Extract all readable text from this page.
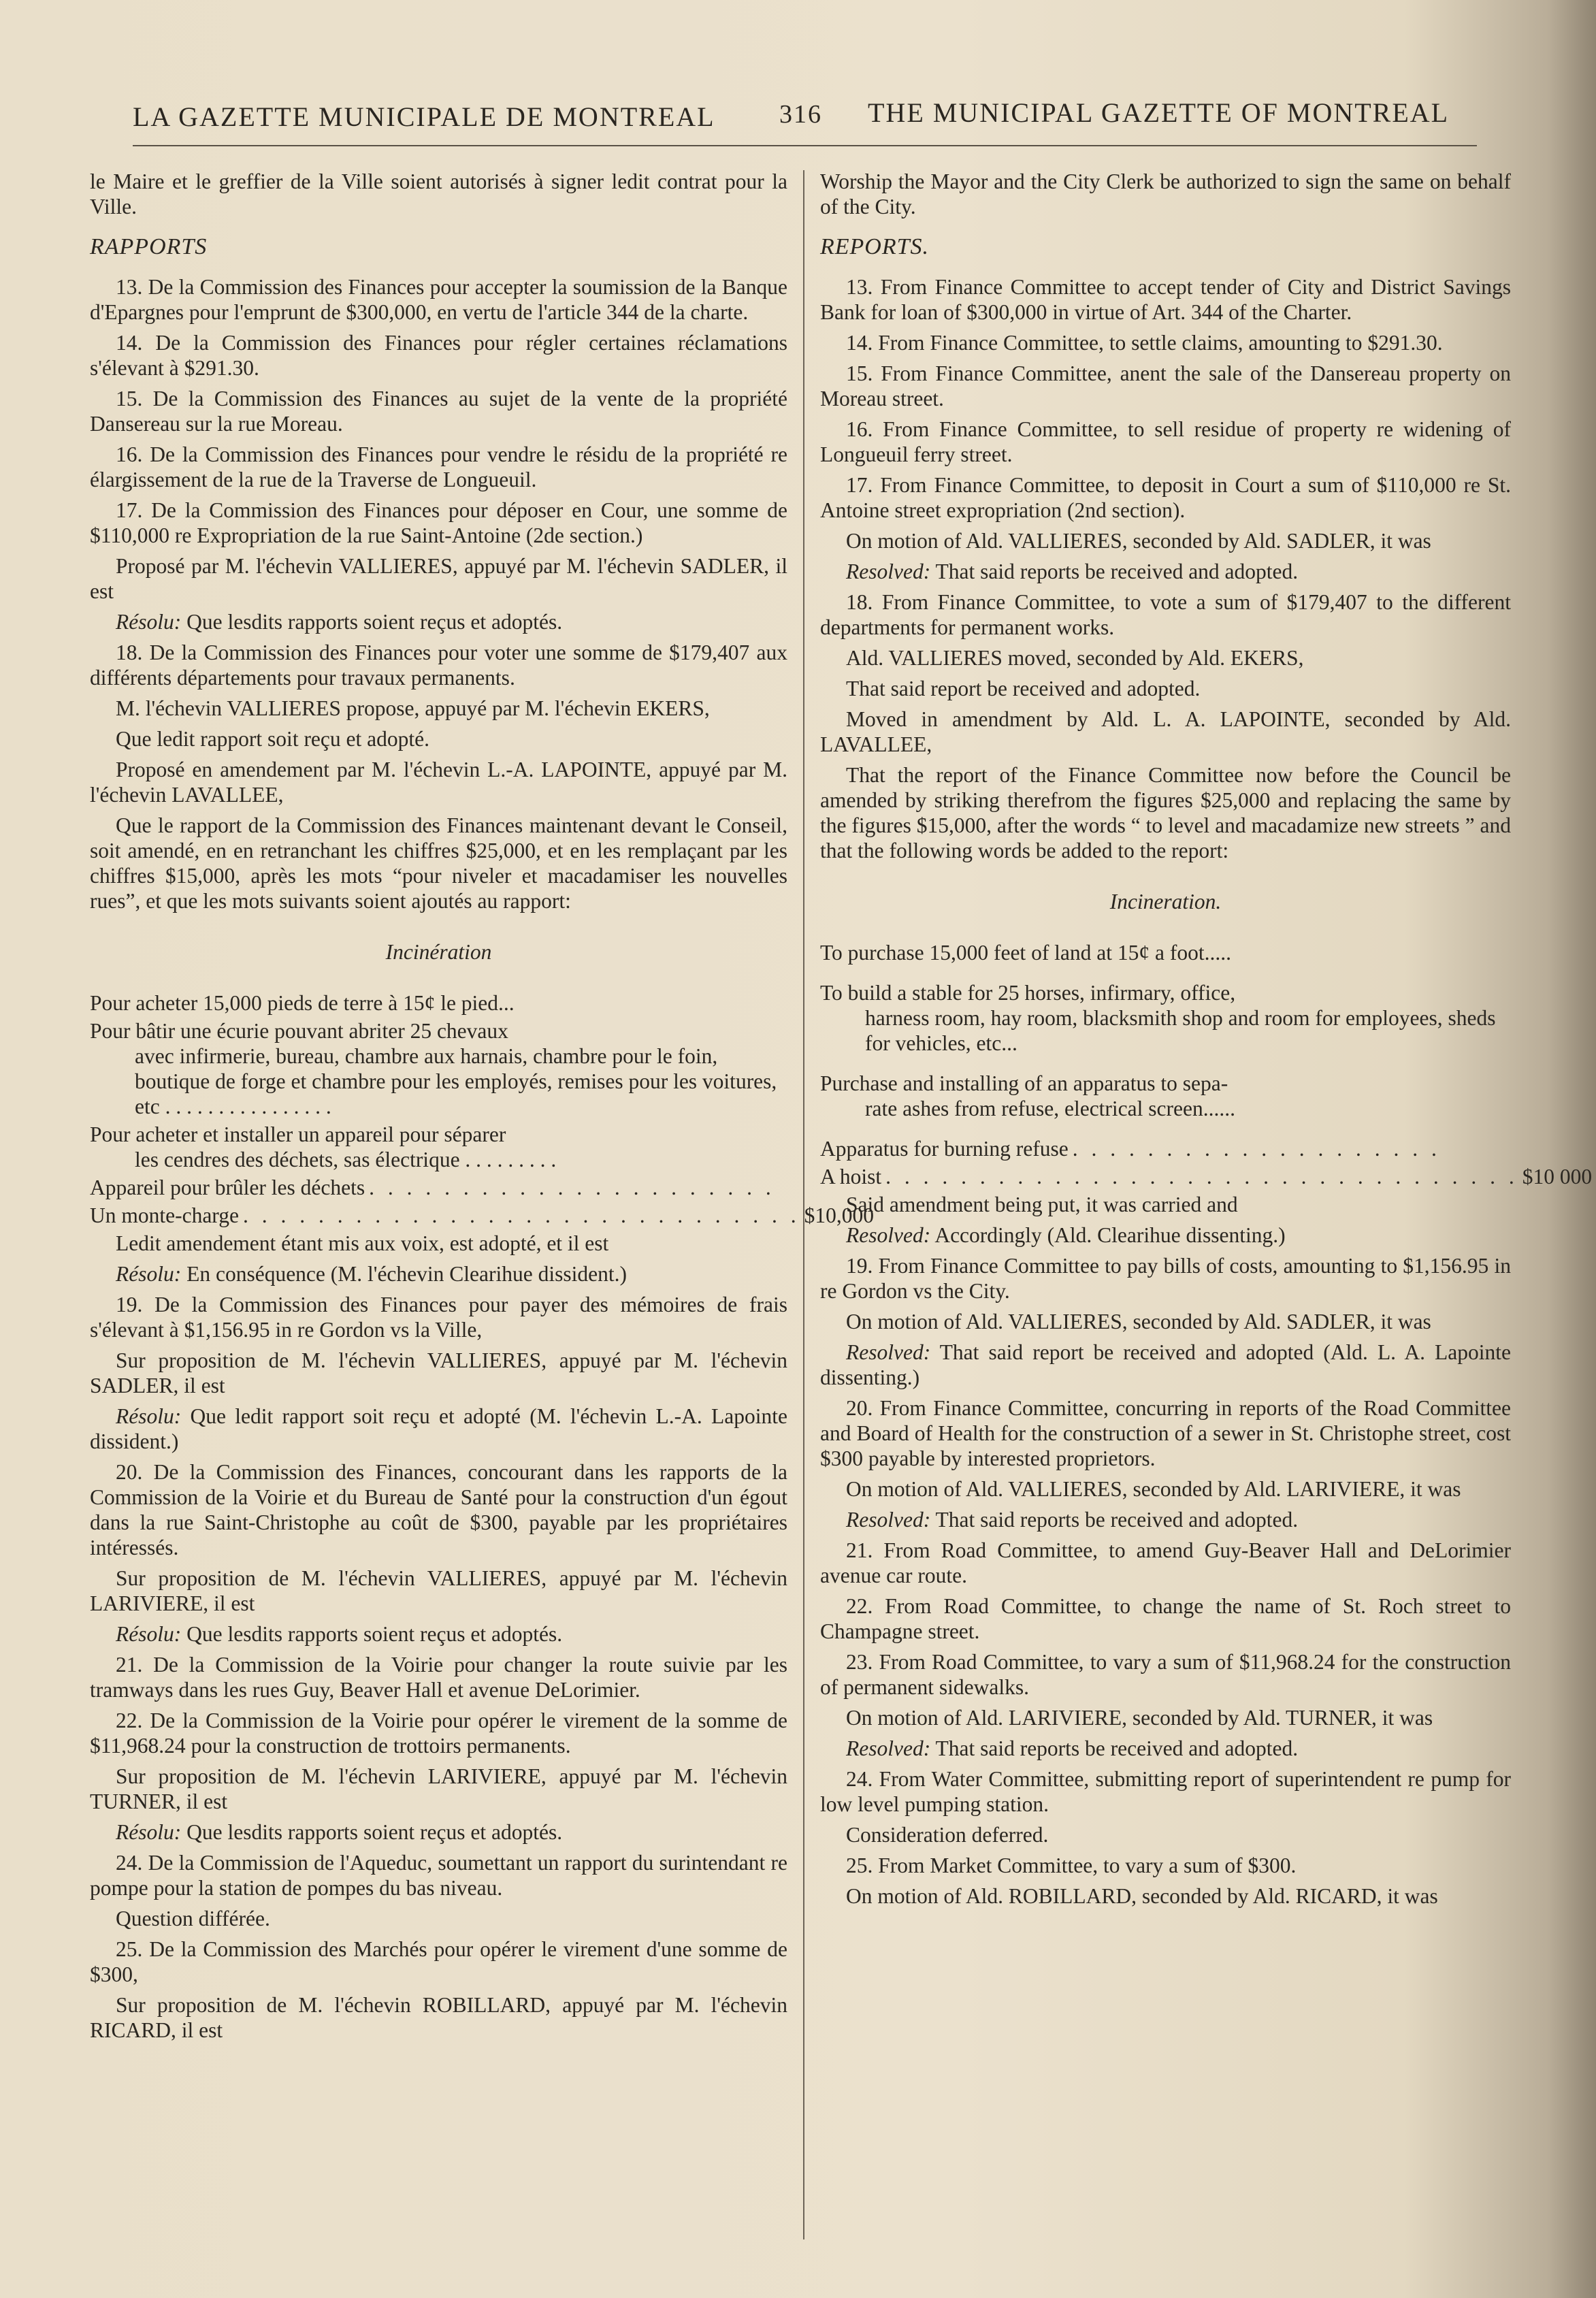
LA GAZETTE MUNICIPALE DE MONTREAL 316 THE MUNICIPAL GAZETTE OF MONTREAL

le Maire et le greffier de la Ville soient autorisés à signer ledit contrat pour la Ville.

RAPPORTS

13. De la Commission des Finances pour accepter la soumission de la Banque d'Epargnes pour l'emprunt de $300,000, en vertu de l'article 344 de la charte.

14. De la Commission des Finances pour régler certaines réclamations s'élevant à $291.30.

15. De la Commission des Finances au sujet de la vente de la propriété Dansereau sur la rue Moreau.

16. De la Commission des Finances pour vendre le résidu de la propriété re élargissement de la rue de la Traverse de Longueuil.

17. De la Commission des Finances pour déposer en Cour, une somme de $110,000 re Expropriation de la rue Saint-Antoine (2de section.)

Proposé par M. l'échevin VALLIERES, appuyé par M. l'échevin SADLER, il est

Résolu: Que lesdits rapports soient reçus et adoptés.

18. De la Commission des Finances pour voter une somme de $179,407 aux différents départements pour travaux permanents.

M. l'échevin VALLIERES propose, appuyé par M. l'échevin EKERS,

Que ledit rapport soit reçu et adopté.

Proposé en amendement par M. l'échevin L.-A. LAPOINTE, appuyé par M. l'échevin LAVALLEE,

Que le rapport de la Commission des Finances maintenant devant le Conseil, soit amendé, en en retranchant les chiffres $25,000, et en les remplaçant par les chiffres $15,000, après les mots “pour niveler et macadamiser les nouvelles rues”, et que les mots suivants soient ajoutés au rapport:

Incinération
Pour acheter 15,000 pieds de terre à 15¢ le pied...
Pour bâtir une écurie pouvant abriter 25 chevaux
avec infirmerie, bureau, chambre aux harnais, chambre pour le foin, boutique de forge et chambre pour les employés, remises pour les voitures, etc . . . . . . . . . . . . . . . .
Pour acheter et installer un appareil pour séparer
les cendres des déchets, sas électrique . . . . . . . . .
Appareil pour brûler les déchets . . . . . . . . . . . . . . . . . . . . . .
Un monte-charge . . . . . . . . . . . . . . . . . . . . . . . . . . . . . . $10,000

Ledit amendement étant mis aux voix, est adopté, et il est

Résolu: En conséquence (M. l'échevin Clearihue dissident.)

19. De la Commission des Finances pour payer des mémoires de frais s'élevant à $1,156.95 in re Gordon vs la Ville,

Sur proposition de M. l'échevin VALLIERES, appuyé par M. l'échevin SADLER, il est

Résolu: Que ledit rapport soit reçu et adopté (M. l'échevin L.-A. Lapointe dissident.)

20. De la Commission des Finances, concourant dans les rapports de la Commission de la Voirie et du Bureau de Santé pour la construction d'un égout dans la rue Saint-Christophe au coût de $300, payable par les propriétaires intéressés.

Sur proposition de M. l'échevin VALLIERES, appuyé par M. l'échevin LARIVIERE, il est

Résolu: Que lesdits rapports soient reçus et adoptés.

21. De la Commission de la Voirie pour changer la route suivie par les tramways dans les rues Guy, Beaver Hall et avenue DeLorimier.

22. De la Commission de la Voirie pour opérer le virement de la somme de $11,968.24 pour la construction de trottoirs permanents.

Sur proposition de M. l'échevin LARIVIERE, appuyé par M. l'échevin TURNER, il est

Résolu: Que lesdits rapports soient reçus et adoptés.

24. De la Commission de l'Aqueduc, soumettant un rapport du surintendant re pompe pour la station de pompes du bas niveau.

Question différée.

25. De la Commission des Marchés pour opérer le virement d'une somme de $300,

Sur proposition de M. l'échevin ROBILLARD, appuyé par M. l'échevin RICARD, il est

Worship the Mayor and the City Clerk be authorized to sign the same on behalf of the City.

REPORTS.

13. From Finance Committee to accept tender of City and District Savings Bank for loan of $300,000 in virtue of Art. 344 of the Charter.

14. From Finance Committee, to settle claims, amounting to $291.30.

15. From Finance Committee, anent the sale of the Dansereau property on Moreau street.

16. From Finance Committee, to sell residue of property re widening of Longueuil ferry street.

17. From Finance Committee, to deposit in Court a sum of $110,000 re St. Antoine street expropriation (2nd section).

On motion of Ald. VALLIERES, seconded by Ald. SADLER, it was

Resolved: That said reports be received and adopted.

18. From Finance Committee, to vote a sum of $179,407 to the different departments for permanent works.

Ald. VALLIERES moved, seconded by Ald. EKERS,

That said report be received and adopted.

Moved in amendment by Ald. L. A. LAPOINTE, seconded by Ald. LAVALLEE,

That the report of the Finance Committee now before the Council be amended by striking therefrom the figures $25,000 and replacing the same by the figures $15,000, after the words “ to level and macadamize new streets ” and that the following words be added to the report:

Incineration.
To purchase 15,000 feet of land at 15¢ a foot.....
To build a stable for 25 horses, infirmary, office,
harness room, hay room, blacksmith shop and room for employees, sheds for vehicles, etc...
Purchase and installing of an apparatus to sepa-
rate ashes from refuse, electrical screen......
Apparatus for burning refuse . . . . . . . . . . . . . . . . . . . .
A hoist . . . . . . . . . . . . . . . . . . . . . . . . . . . . . . . . . . $10 000

Said amendment being put, it was carried and

Resolved: Accordingly (Ald. Clearihue dissenting.)

19. From Finance Committee to pay bills of costs, amounting to $1,156.95 in re Gordon vs the City.

On motion of Ald. VALLIERES, seconded by Ald. SADLER, it was

Resolved: That said report be received and adopted (Ald. L. A. Lapointe dissenting.)

20. From Finance Committee, concurring in reports of the Road Committee and Board of Health for the construction of a sewer in St. Christophe street, cost $300 payable by interested proprietors.

On motion of Ald. VALLIERES, seconded by Ald. LARIVIERE, it was

Resolved: That said reports be received and adopted.

21. From Road Committee, to amend Guy-Beaver Hall and DeLorimier avenue car route.

22. From Road Committee, to change the name of St. Roch street to Champagne street.

23. From Road Committee, to vary a sum of $11,968.24 for the construction of permanent sidewalks.

On motion of Ald. LARIVIERE, seconded by Ald. TURNER, it was

Resolved: That said reports be received and adopted.

24. From Water Committee, submitting report of superintendent re pump for low level pumping station.

Consideration deferred.

25. From Market Committee, to vary a sum of $300.

On motion of Ald. ROBILLARD, seconded by Ald. RICARD, it was
